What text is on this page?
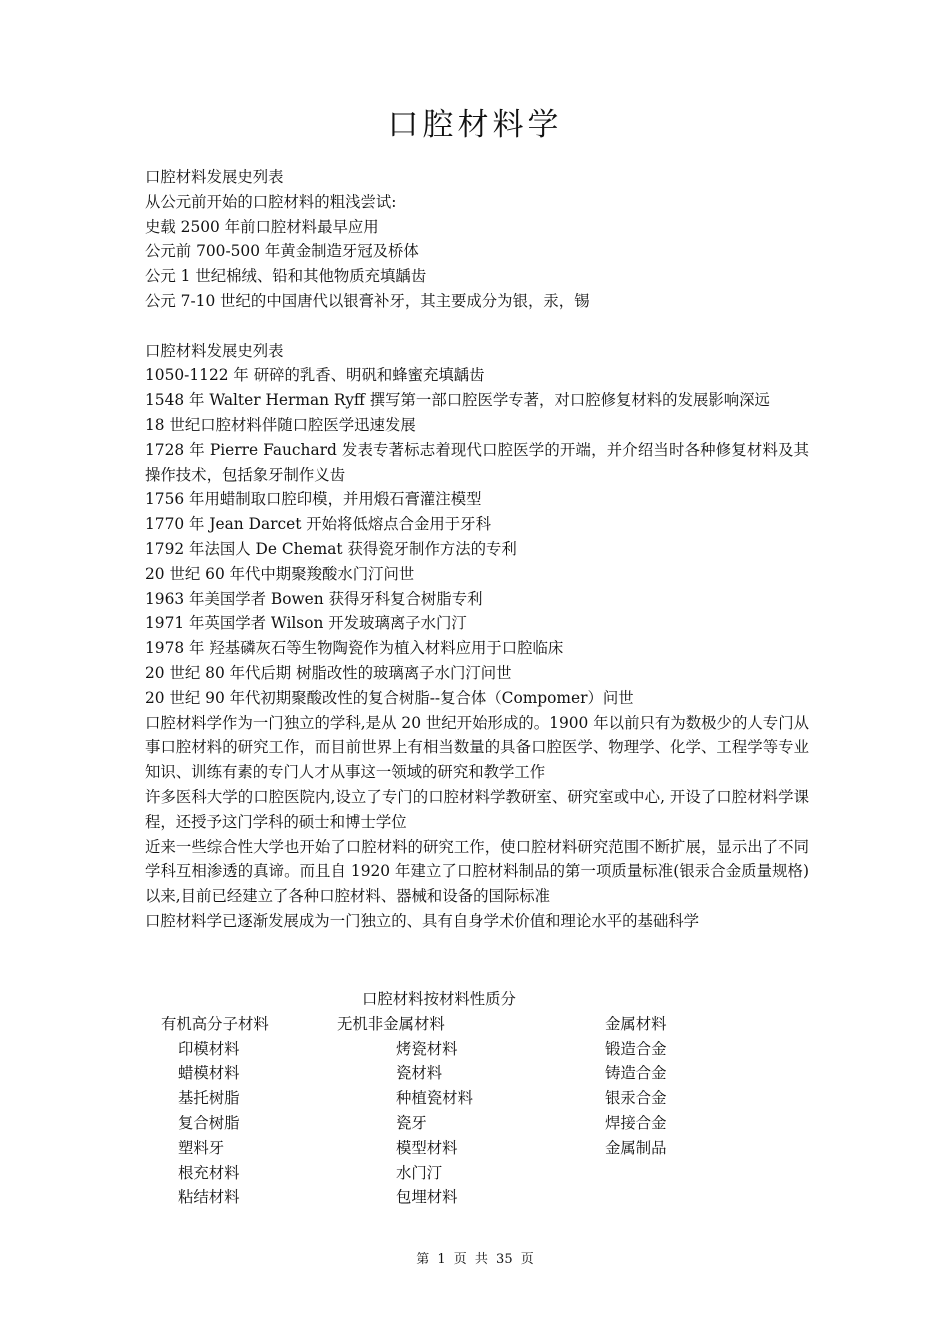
口腔材料学
口腔材料发展史列表
从公元前开始的口腔材料的粗浅尝试:
史载 2500 年前口腔材料最早应用
公元前 700-500 年黄金制造牙冠及桥体
公元 1 世纪棉绒、铅和其他物质充填龋齿
公元 7-10 世纪的中国唐代以银膏补牙，其主要成分为银，汞，锡
口腔材料发展史列表
1050-1122 年 研碎的乳香、明矾和蜂蜜充填龋齿
1548 年 Walter Herman Ryff 撰写第一部口腔医学专著，对口腔修复材料的发展影响深远
18 世纪口腔材料伴随口腔医学迅速发展
1728 年 Pierre Fauchard 发表专著标志着现代口腔医学的开端，并介绍当时各种修复材料及其操作技术，包括象牙制作义齿
1756 年用蜡制取口腔印模，并用煅石膏灌注模型
1770 年 Jean Darcet 开始将低熔点合金用于牙科
1792 年法国人 De Chemat 获得瓷牙制作方法的专利
20 世纪 60 年代中期聚羧酸水门汀问世
1963 年美国学者 Bowen 获得牙科复合树脂专利
1971 年英国学者 Wilson 开发玻璃离子水门汀
1978 年 羟基磷灰石等生物陶瓷作为植入材料应用于口腔临床
20 世纪 80 年代后期 树脂改性的玻璃离子水门汀问世
20 世纪 90 年代初期聚酸改性的复合树脂--复合体（Compomer）问世
口腔材料学作为一门独立的学科,是从 20 世纪开始形成的。1900 年以前只有为数极少的人专门从事口腔材料的研究工作，而目前世界上有相当数量的具备口腔医学、物理学、化学、工程学等专业知识、训练有素的专门人才从事这一领域的研究和教学工作
许多医科大学的口腔医院内,设立了专门的口腔材料学教研室、研究室或中心, 开设了口腔材料学课程，还授予这门学科的硕士和博士学位
近来一些综合性大学也开始了口腔材料的研究工作，使口腔材料研究范围不断扩展，显示出了不同学科互相渗透的真谛。而且自 1920 年建立了口腔材料制品的第一项质量标准(银汞合金质量规格)以来,目前已经建立了各种口腔材料、器械和设备的国际标准
口腔材料学已逐渐发展成为一门独立的、具有自身学术价值和理论水平的基础科学
口腔材料按材料性质分
有机高分子材料
印模材料
蜡模材料
基托树脂
复合树脂
塑料牙
根充材料
粘结材料
无机非金属材料
烤瓷材料
瓷材料
种植瓷材料
瓷牙
模型材料
水门汀
包埋材料
金属材料
锻造合金
铸造合金
银汞合金
焊接合金
金属制品
第 1 页 共 35 页
